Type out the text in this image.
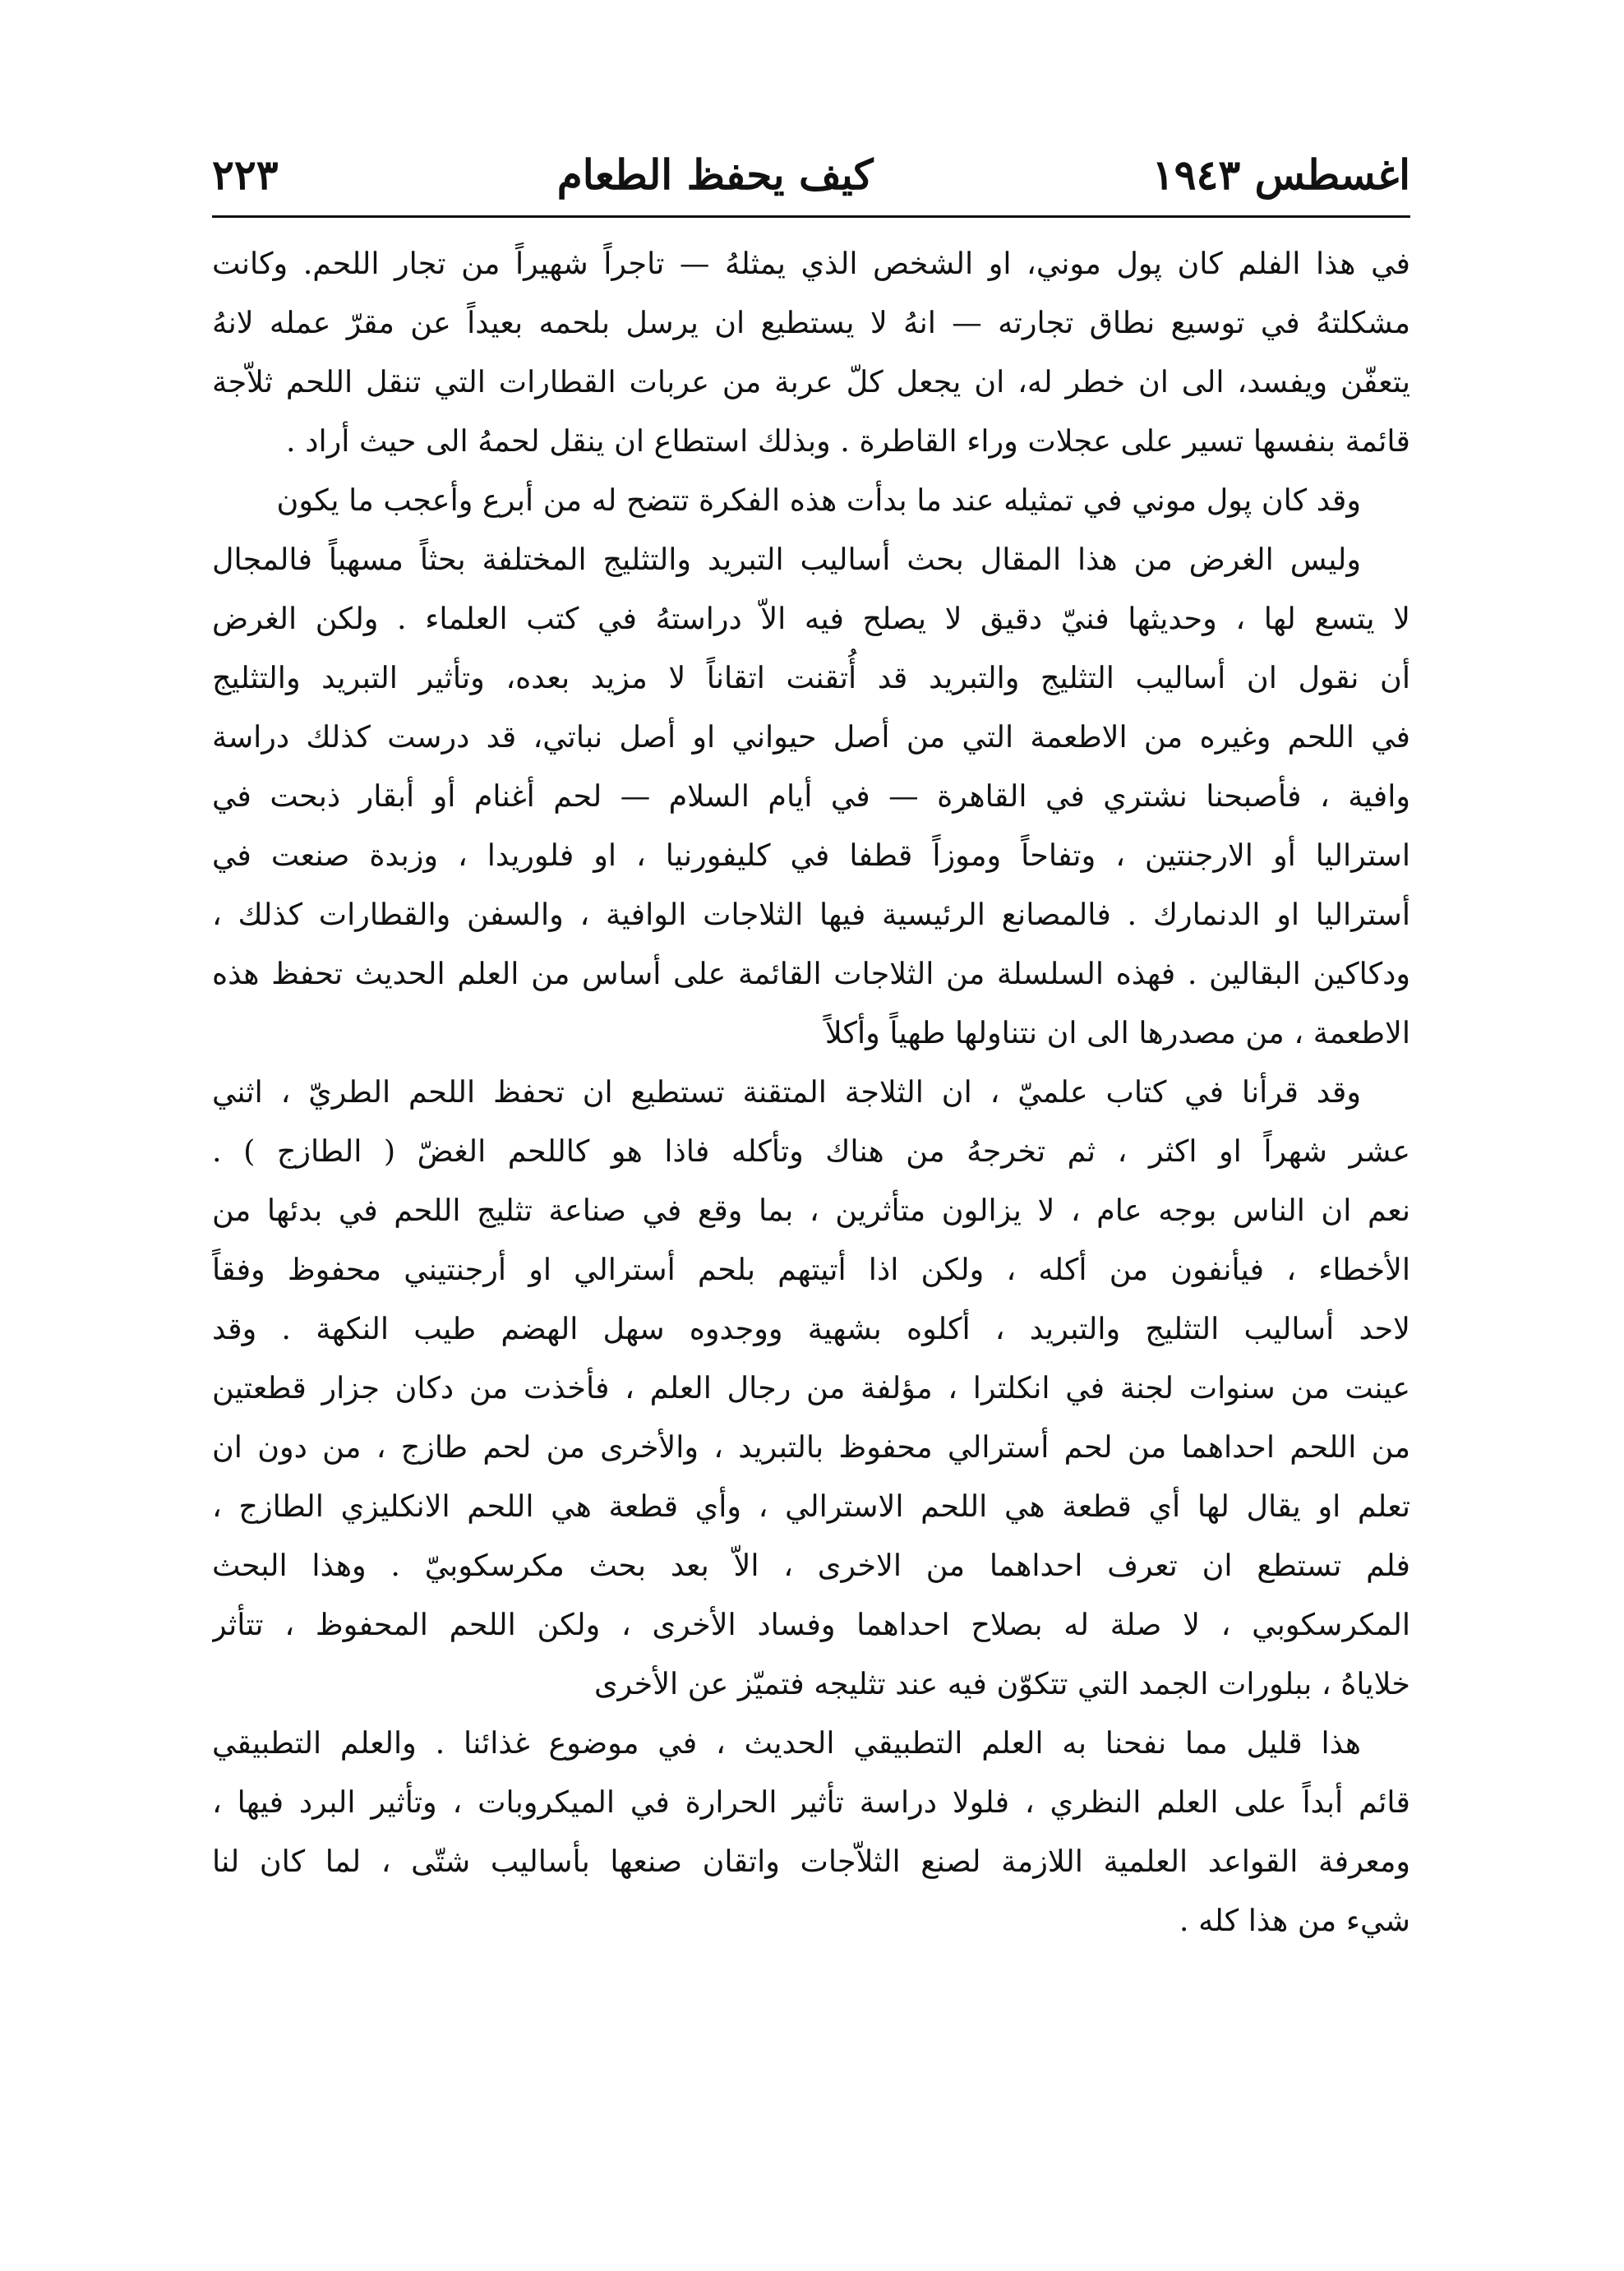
اغسطس ١٩٤٣
كيف يحفظ الطعام
٢٢٣
في هذا الفلم كان پول موني، او الشخص الذي يمثلهُ — تاجراً شهيراً من تجار اللحم. وكانت
مشكلتهُ في توسيع نطاق تجارته — انهُ لا يستطيع ان يرسل بلحمه بعيداً عن مقرّ عمله لانهُ
يتعفّن ويفسد، الى ان خطر له، ان يجعل كلّ عربة من عربات القطارات التي تنقل اللحم ثلاّجة
قائمة بنفسها تسير على عجلات وراء القاطرة . وبذلك استطاع ان ينقل لحمهُ الى حيث أراد .
وقد كان پول موني في تمثيله عند ما بدأت هذه الفكرة تتضح له من أبرع وأعجب ما يكون
وليس الغرض من هذا المقال بحث أساليب التبريد والتثليج المختلفة بحثاً مسهباً فالمجال
لا يتسع لها ، وحديثها فنيّ دقيق لا يصلح فيه الاّ دراستهُ في كتب العلماء . ولكن الغرض
أن نقول ان أساليب التثليج والتبريد قد أُتقنت اتقاناً لا مزيد بعده، وتأثير التبريد والتثليج
في اللحم وغيره من الاطعمة التي من أصل حيواني او أصل نباتي، قد درست كذلك دراسة
وافية ، فأصبحنا نشتري في القاهرة — في أيام السلام — لحم أغنام أو أبقار ذبحت في
استراليا أو الارجنتين ، وتفاحاً وموزاً قطفا في كليفورنيا ، او فلوريدا ، وزبدة صنعت في
أستراليا او الدنمارك . فالمصانع الرئيسية فيها الثلاجات الوافية ، والسفن والقطارات كذلك ،
ودكاكين البقالين . فهذه السلسلة من الثلاجات القائمة على أساس من العلم الحديث تحفظ هذه
الاطعمة ، من مصدرها الى ان نتناولها طهياً وأكلاً
وقد قرأنا في كتاب علميّ ، ان الثلاجة المتقنة تستطيع ان تحفظ اللحم الطريّ ، اثني
عشر شهراً او اكثر ، ثم تخرجهُ من هناك وتأكله فاذا هو كاللحم الغضّ ( الطازج ) .
نعم ان الناس بوجه عام ، لا يزالون متأثرين ، بما وقع في صناعة تثليج اللحم في بدئها من
الأخطاء ، فيأنفون من أكله ، ولكن اذا أتيتهم بلحم أسترالي او أرجنتيني محفوظ وفقاً
لاحد أساليب التثليج والتبريد ، أكلوه بشهية ووجدوه سهل الهضم طيب النكهة . وقد
عينت من سنوات لجنة في انكلترا ، مؤلفة من رجال العلم ، فأخذت من دكان جزار قطعتين
من اللحم احداهما من لحم أسترالي محفوظ بالتبريد ، والأخرى من لحم طازج ، من دون ان
تعلم او يقال لها أي قطعة هي اللحم الاسترالي ، وأي قطعة هي اللحم الانكليزي الطازج ،
فلم تستطع ان تعرف احداهما من الاخرى ، الاّ بعد بحث مكرسكوبيّ . وهذا البحث
المكرسكوبي ، لا صلة له بصلاح احداهما وفساد الأخرى ، ولكن اللحم المحفوظ ، تتأثر
خلاياهُ ، ببلورات الجمد التي تتكوّن فيه عند تثليجه فتميّز عن الأخرى
هذا قليل مما نفحنا به العلم التطبيقي الحديث ، في موضوع غذائنا . والعلم التطبيقي
قائم أبداً على العلم النظري ، فلولا دراسة تأثير الحرارة في الميكروبات ، وتأثير البرد فيها ،
ومعرفة القواعد العلمية اللازمة لصنع الثلاّجات واتقان صنعها بأساليب شتّى ، لما كان لنا
شيء من هذا كله .
